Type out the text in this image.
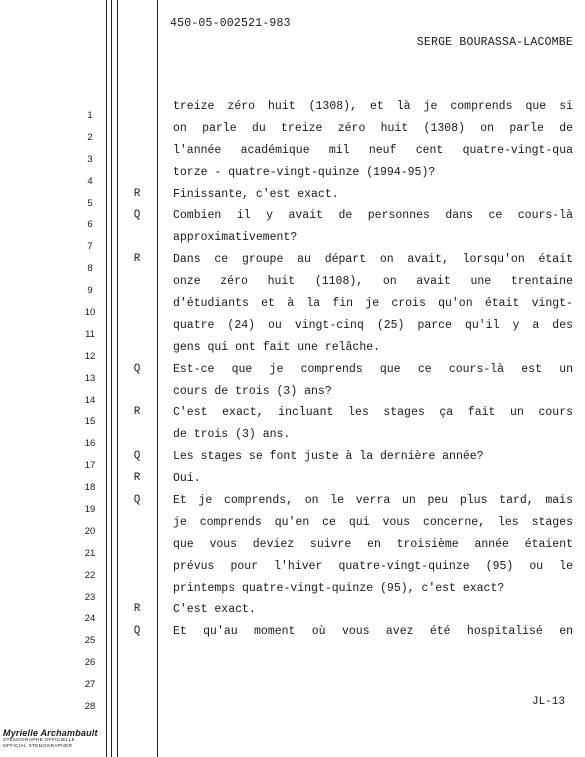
450-05-002521-983
SERGE BOURASSA-LACOMBE
1
treize zéro huit (1308), et là je comprends que si
2
on parle du treize zéro huit (1308) on parle de
3
l'année académique mil neuf cent quatre-vingt-qua
4
torze - quatre-vingt-quinze (1994-95)?
5
R	Finissante, c'est exact.
6
Q	Combien il y avait de personnes dans ce cours-là
7
approximativement?
8
R	Dans ce groupe au départ on avait, lorsqu'on était
9
onze zéro huit (1108), on avait une trentaine
10
d'étudiants et à la fin je crois qu'on était vingt-
11
quatre (24) ou vingt-cinq (25) parce qu'il y a des
12
gens qui ont fait une relâche.
13
Q	Est-ce que je comprends que ce cours-là est un
14
cours de trois (3) ans?
15
R	C'est exact, incluant les stages ça fait un cours
16
de trois (3) ans.
17
Q	Les stages se font juste à la dernière année?
18
R	Oui.
19
Q	Et je comprends, on le verra un peu plus tard, mais
20
je comprends qu'en ce qui vous concerne, les stages
21
que vous deviez suivre en troisième année étaient
22
prévus pour l'hiver quatre-vingt-quinze (95) ou le
23
printemps quatre-vingt-quinze (95), c'est exact?
24
R	C'est exact.
25
Q	Et qu'au moment où vous avez été hospitalisé en
26
27
28	JL-13
Myrielle Archambault
STÉNOGRAPHE OFFICIELLE
OFFICIAL STENOGRAPHER
